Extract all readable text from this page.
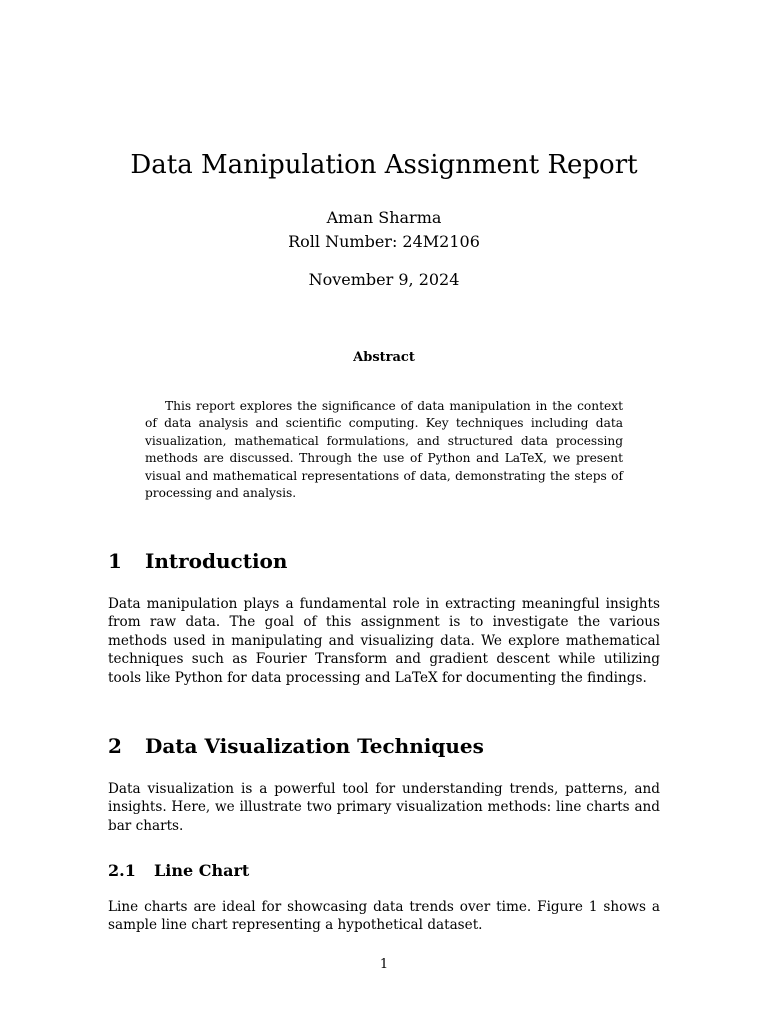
Data Manipulation Assignment Report
Aman Sharma
Roll Number: 24M2106
November 9, 2024
Abstract
This report explores the significance of data manipulation in the context of data analysis and scientific computing. Key techniques including data visualization, mathematical formulations, and structured data processing methods are discussed. Through the use of Python and LaTeX, we present visual and mathematical representations of data, demonstrating the steps of processing and analysis.
1 Introduction
Data manipulation plays a fundamental role in extracting meaningful insights from raw data. The goal of this assignment is to investigate the various methods used in manipulating and visualizing data. We explore mathematical techniques such as Fourier Transform and gradient descent while utilizing tools like Python for data processing and LaTeX for documenting the findings.
2 Data Visualization Techniques
Data visualization is a powerful tool for understanding trends, patterns, and insights. Here, we illustrate two primary visualization methods: line charts and bar charts.
2.1 Line Chart
Line charts are ideal for showcasing data trends over time. Figure 1 shows a sample line chart representing a hypothetical dataset.
1
